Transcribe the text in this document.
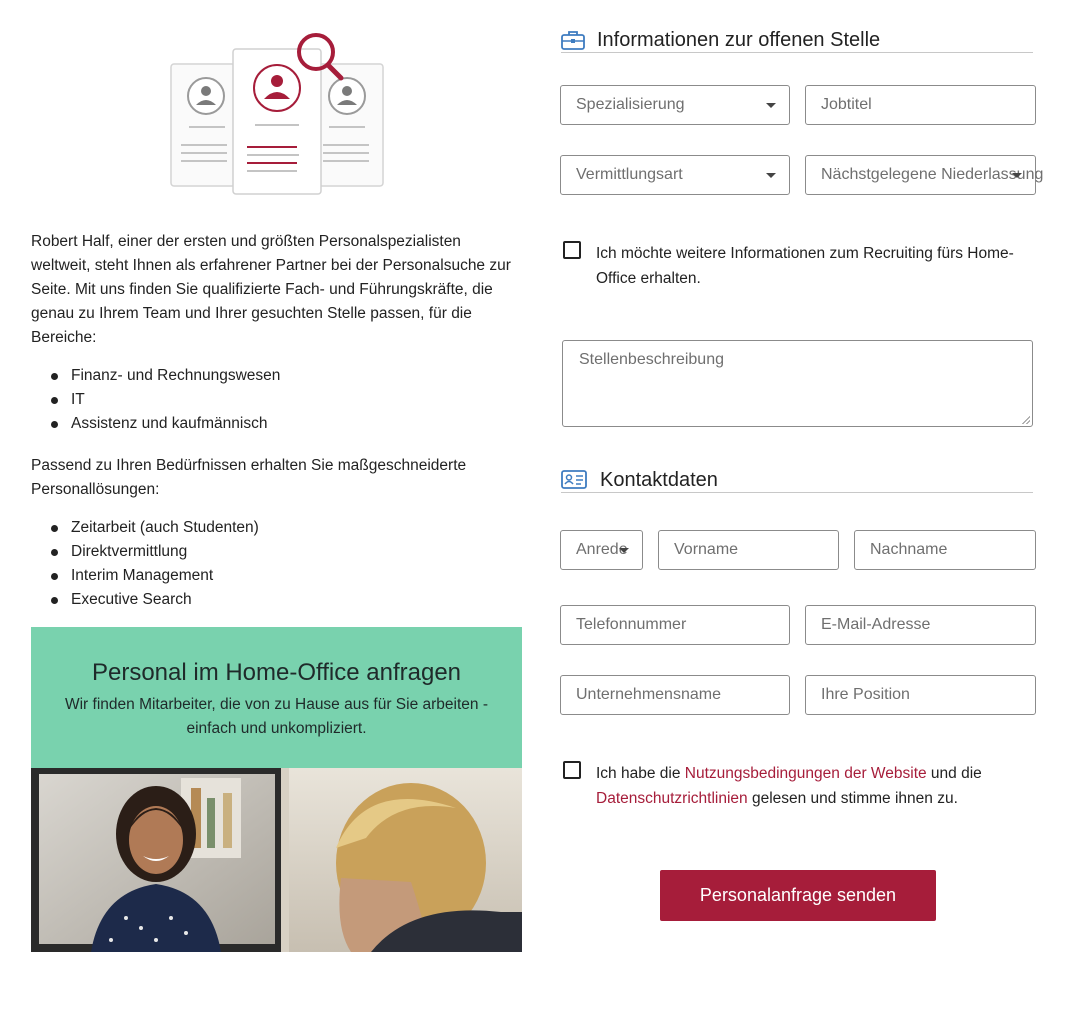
Robert Half, einer der ersten und größten Personalspezialisten weltweit, steht Ihnen als erfahrener Partner bei der Personalsuche zur Seite. Mit uns finden Sie qualifizierte Fach- und Führungskräfte, die genau zu Ihrem Team und Ihrer gesuchten Stelle passen, für die Bereiche:

Finanz- und Rechnungswesen
IT
Assistenz und kaufmännisch

Passend zu Ihren Bedürfnissen erhalten Sie maßgeschneiderte Personallösungen:

Zeitarbeit (auch Studenten)
Direktvermittlung
Interim Management
Executive Search
Personal im Home-Office anfragen

Wir finden Mitarbeiter, die von zu Hause aus für Sie arbeiten - einfach und unkompliziert.

Informationen zur offenen Stelle
Spezialisierung	Jobtitel
Vermittlungsart	Nächstgelegene Niederlassung
Ich möchte weitere Informationen zum Recruiting fürs Home-Office erhalten.
Stellenbeschreibung
Kontaktdaten
Anrede	Vorname	Nachname
Telefonnummer	E-Mail-Adresse
Unternehmensname	Ihre Position
Ich habe die Nutzungsbedingungen der Website und die
Datenschutzrichtlinien gelesen und stimme ihnen zu.
Personalanfrage senden
